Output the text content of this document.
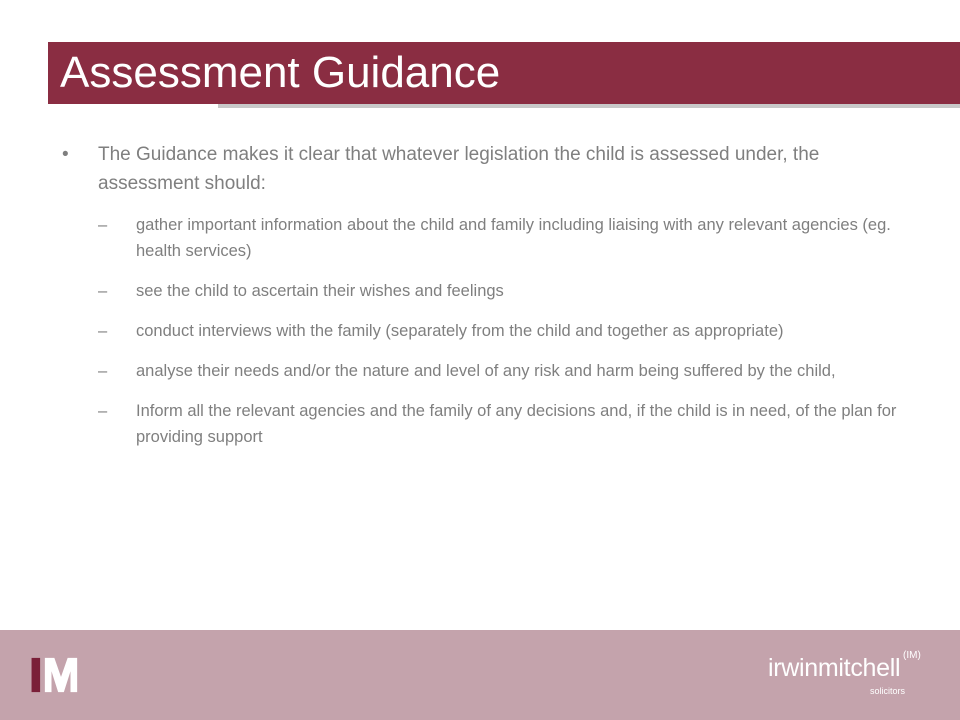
Assessment Guidance
•	The Guidance makes it clear that whatever legislation the child is assessed under, the assessment should:
–	gather important information about the child and family including liaising with any relevant agencies (eg. health services)
–	see the child to ascertain their wishes and feelings
–	conduct interviews with the family (separately from the child and together as appropriate)
–	analyse their needs and/or the nature and level of any risk and harm being suffered by the child,
–	Inform all the relevant agencies and the family of any decisions and, if the child is in need, of the plan for providing support
irwinmitchell
solicitors
(IM)
